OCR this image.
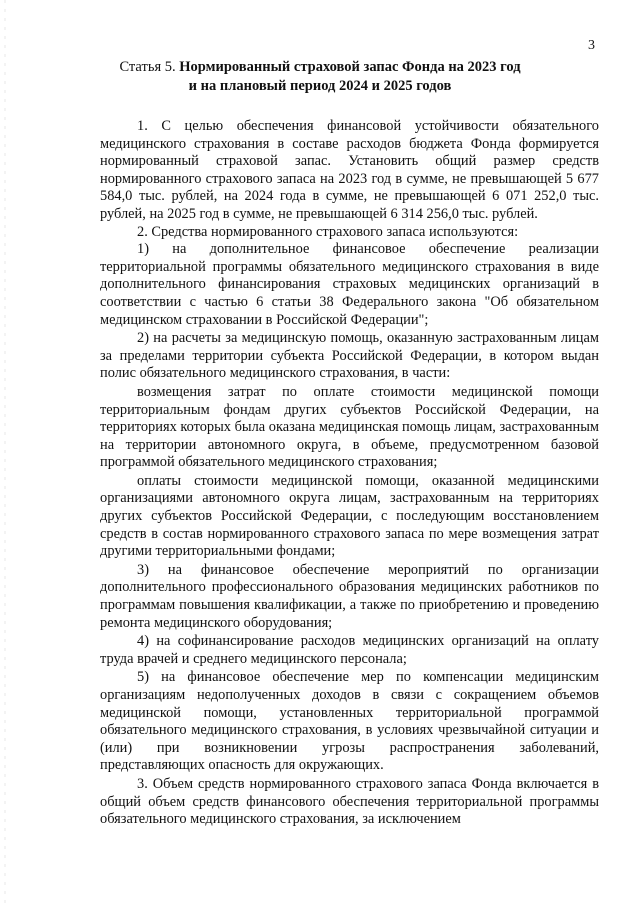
3
Статья 5. Нормированный страховой запас Фонда на 2023 год
и на плановый период 2024 и 2025 годов

1. С целью обеспечения финансовой устойчивости обязательного медицинского страхования в составе расходов бюджета Фонда формируется нормированный страховой запас. Установить общий размер средств нормированного страхового запаса на 2023 год в сумме, не превышающей 5 677 584,0 тыс. рублей, на 2024 года в сумме, не превышающей 6 071 252,0 тыс. рублей, на 2025 год в сумме, не превышающей 6 314 256,0 тыс. рублей.

2. Средства нормированного страхового запаса используются:

1) на дополнительное финансовое обеспечение реализации территориальной программы обязательного медицинского страхования в виде дополнительного финансирования страховых медицинских организаций в соответствии с частью 6 статьи 38 Федерального закона "Об обязательном медицинском страховании в Российской Федерации";

2) на расчеты за медицинскую помощь, оказанную застрахованным лицам за пределами территории субъекта Российской Федерации, в котором выдан полис обязательного медицинского страхования, в части:

возмещения затрат по оплате стоимости медицинской помощи территориальным фондам других субъектов Российской Федерации, на территориях которых была оказана медицинская помощь лицам, застрахованным на территории автономного округа, в объеме, предусмотренном базовой программой обязательного медицинского страхования;

оплаты стоимости медицинской помощи, оказанной медицинскими организациями автономного округа лицам, застрахованным на территориях других субъектов Российской Федерации, с последующим восстановлением средств в состав нормированного страхового запаса по мере возмещения затрат другими территориальными фондами;

3) на финансовое обеспечение мероприятий по организации дополнительного профессионального образования медицинских работников по программам повышения квалификации, а также по приобретению и проведению ремонта медицинского оборудования;

4) на софинансирование расходов медицинских организаций на оплату труда врачей и среднего медицинского персонала;

5) на финансовое обеспечение мер по компенсации медицинским организациям недополученных доходов в связи с сокращением объемов медицинской помощи, установленных территориальной программой обязательного медицинского страхования, в условиях чрезвычайной ситуации и (или) при возникновении угрозы распространения заболеваний, представляющих опасность для окружающих.

3. Объем средств нормированного страхового запаса Фонда включается в общий объем средств финансового обеспечения территориальной программы обязательного медицинского страхования, за исключением
